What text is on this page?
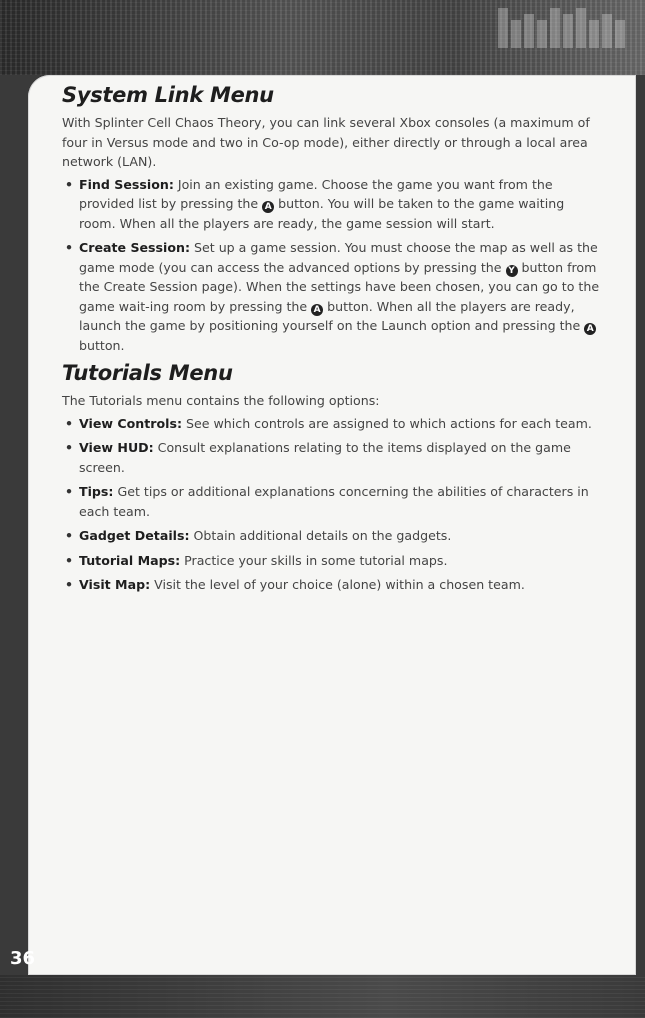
System Link Menu

With Splinter Cell Chaos Theory, you can link several Xbox consoles (a maximum of four in Versus mode and two in Co-op mode), either directly or through a local area network (LAN).

• Find Session: Join an existing game. Choose the game you want from the provided list by pressing the A button. You will be taken to the game waiting room. When all the players are ready, the game session will start.
• Create Session: Set up a game session. You must choose the map as well as the game mode (you can access the advanced options by pressing the Y button from the Create Session page). When the settings have been chosen, you can go to the game wait-ing room by pressing the A button. When all the players are ready, launch the game by positioning yourself on the Launch option and pressing the A button.
Tutorials Menu

The Tutorials menu contains the following options:

• View Controls: See which controls are assigned to which actions for each team.
• View HUD: Consult explanations relating to the items displayed on the game screen.
• Tips: Get tips or additional explanations concerning the abilities of characters in each team.
• Gadget Details: Obtain additional details on the gadgets.
• Tutorial Maps: Practice your skills in some tutorial maps.
• Visit Map: Visit the level of your choice (alone) within a chosen team.
36
